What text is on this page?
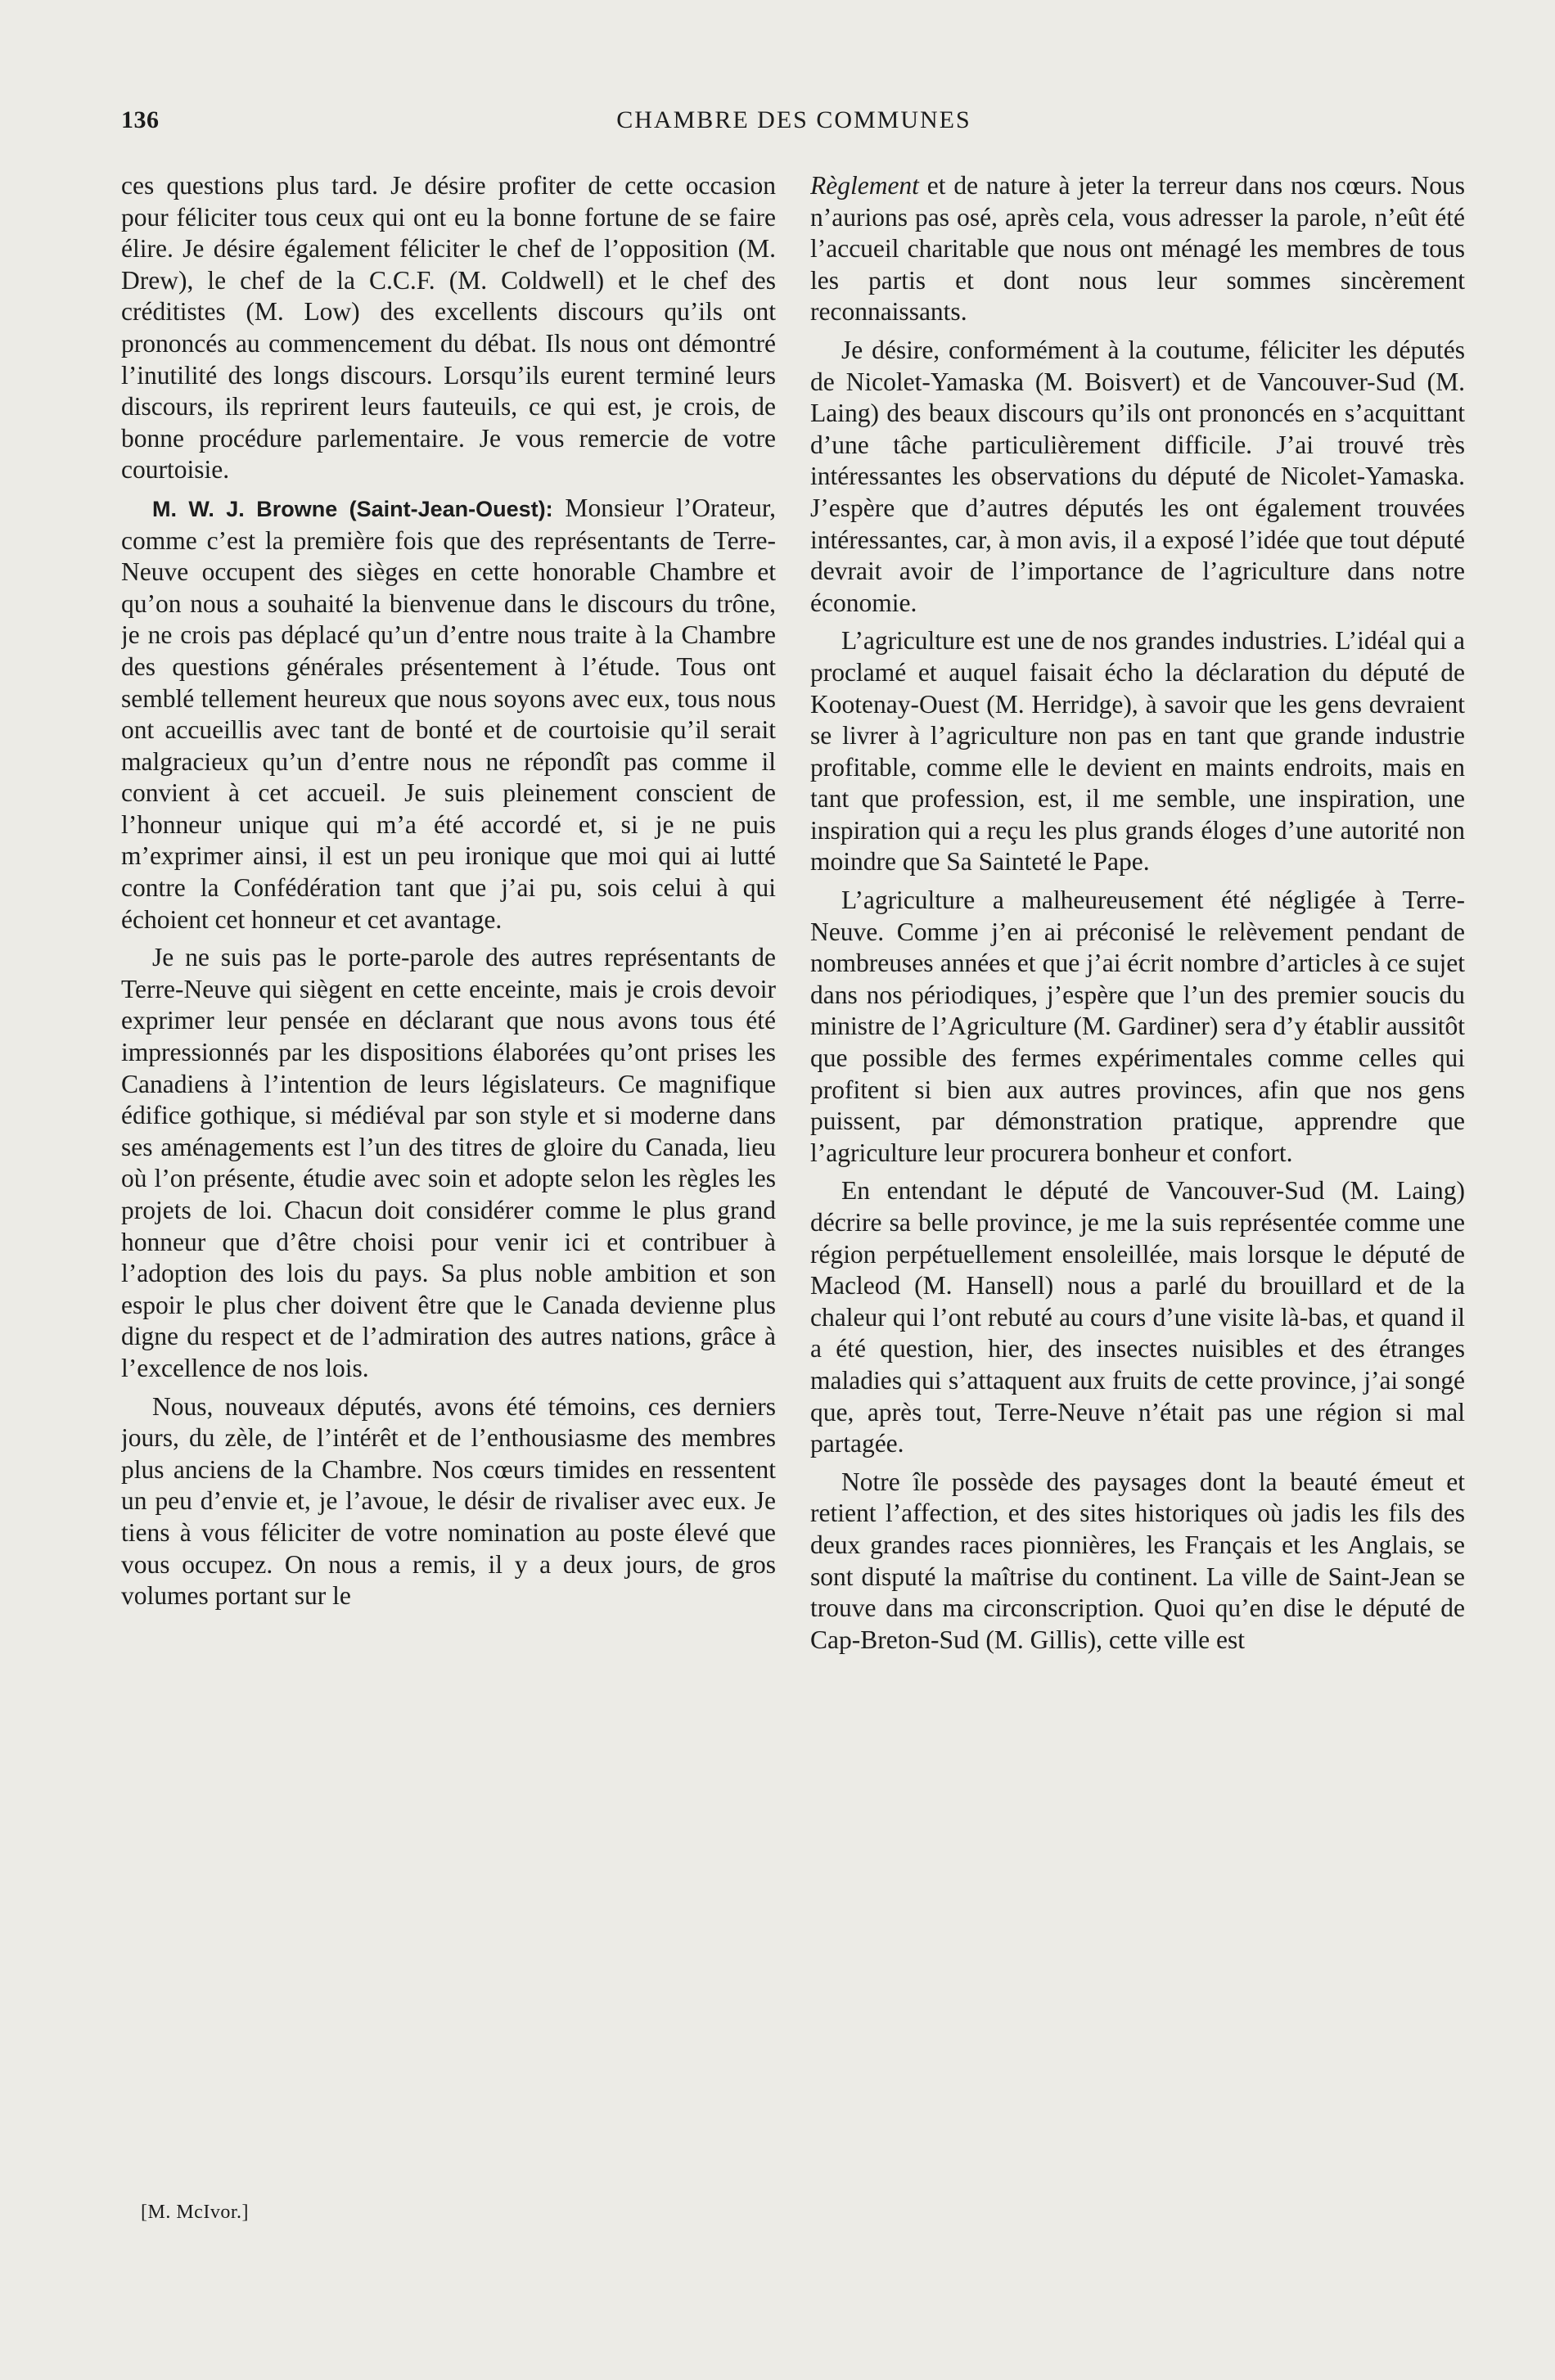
136	CHAMBRE DES COMMUNES

ces questions plus tard. Je désire profiter de cette occasion pour féliciter tous ceux qui ont eu la bonne fortune de se faire élire. Je désire également féliciter le chef de l’opposition (M. Drew), le chef de la C.C.F. (M. Coldwell) et le chef des créditistes (M. Low) des excellents discours qu’ils ont prononcés au commencement du débat. Ils nous ont démontré l’inutilité des longs discours. Lorsqu’ils eurent terminé leurs discours, ils reprirent leurs fauteuils, ce qui est, je crois, de bonne procédure parlementaire. Je vous remercie de votre courtoisie.

M. W. J. Browne (Saint-Jean-Ouest): Monsieur l’Orateur, comme c’est la première fois que des représentants de Terre-Neuve occupent des sièges en cette honorable Chambre et qu’on nous a souhaité la bienvenue dans le discours du trône, je ne crois pas déplacé qu’un d’entre nous traite à la Chambre des questions générales présentement à l’étude. Tous ont semblé tellement heureux que nous soyons avec eux, tous nous ont accueillis avec tant de bonté et de courtoisie qu’il serait malgracieux qu’un d’entre nous ne répondît pas comme il convient à cet accueil. Je suis pleinement conscient de l’honneur unique qui m’a été accordé et, si je ne puis m’exprimer ainsi, il est un peu ironique que moi qui ai lutté contre la Confédération tant que j’ai pu, sois celui à qui échoient cet honneur et cet avantage.

Je ne suis pas le porte-parole des autres représentants de Terre-Neuve qui siègent en cette enceinte, mais je crois devoir exprimer leur pensée en déclarant que nous avons tous été impressionnés par les dispositions élaborées qu’ont prises les Canadiens à l’intention de leurs législateurs. Ce magnifique édifice gothique, si médiéval par son style et si moderne dans ses aménagements est l’un des titres de gloire du Canada, lieu où l’on présente, étudie avec soin et adopte selon les règles les projets de loi. Chacun doit considérer comme le plus grand honneur que d’être choisi pour venir ici et contribuer à l’adoption des lois du pays. Sa plus noble ambition et son espoir le plus cher doivent être que le Canada devienne plus digne du respect et de l’admiration des autres nations, grâce à l’excellence de nos lois.

Nous, nouveaux députés, avons été témoins, ces derniers jours, du zèle, de l’intérêt et de l’enthousiasme des membres plus anciens de la Chambre. Nos cœurs timides en ressentent un peu d’envie et, je l’avoue, le désir de rivaliser avec eux. Je tiens à vous féliciter de votre nomination au poste élevé que vous occupez. On nous a remis, il y a deux jours, de gros volumes portant sur le

Règlement et de nature à jeter la terreur dans nos cœurs. Nous n’aurions pas osé, après cela, vous adresser la parole, n’eût été l’accueil charitable que nous ont ménagé les membres de tous les partis et dont nous leur sommes sincèrement reconnaissants.

Je désire, conformément à la coutume, féliciter les députés de Nicolet-Yamaska (M. Boisvert) et de Vancouver-Sud (M. Laing) des beaux discours qu’ils ont prononcés en s’acquittant d’une tâche particulièrement difficile. J’ai trouvé très intéressantes les observations du député de Nicolet-Yamaska. J’espère que d’autres députés les ont également trouvées intéressantes, car, à mon avis, il a exposé l’idée que tout député devrait avoir de l’importance de l’agriculture dans notre économie.

L’agriculture est une de nos grandes industries. L’idéal qui a proclamé et auquel faisait écho la déclaration du député de Kootenay-Ouest (M. Herridge), à savoir que les gens devraient se livrer à l’agriculture non pas en tant que grande industrie profitable, comme elle le devient en maints endroits, mais en tant que profession, est, il me semble, une inspiration, une inspiration qui a reçu les plus grands éloges d’une autorité non moindre que Sa Sainteté le Pape.

L’agriculture a malheureusement été négligée à Terre-Neuve. Comme j’en ai préconisé le relèvement pendant de nombreuses années et que j’ai écrit nombre d’articles à ce sujet dans nos périodiques, j’espère que l’un des premier soucis du ministre de l’Agriculture (M. Gardiner) sera d’y établir aussitôt que possible des fermes expérimentales comme celles qui profitent si bien aux autres provinces, afin que nos gens puissent, par démonstration pratique, apprendre que l’agriculture leur procurera bonheur et confort.

En entendant le député de Vancouver-Sud (M. Laing) décrire sa belle province, je me la suis représentée comme une région perpétuellement ensoleillée, mais lorsque le député de Macleod (M. Hansell) nous a parlé du brouillard et de la chaleur qui l’ont rebuté au cours d’une visite là-bas, et quand il a été question, hier, des insectes nuisibles et des étranges maladies qui s’attaquent aux fruits de cette province, j’ai songé que, après tout, Terre-Neuve n’était pas une région si mal partagée.

Notre île possède des paysages dont la beauté émeut et retient l’affection, et des sites historiques où jadis les fils des deux grandes races pionnières, les Français et les Anglais, se sont disputé la maîtrise du continent. La ville de Saint-Jean se trouve dans ma circonscription. Quoi qu’en dise le député de Cap-Breton-Sud (M. Gillis), cette ville est

[M. McIvor.]
